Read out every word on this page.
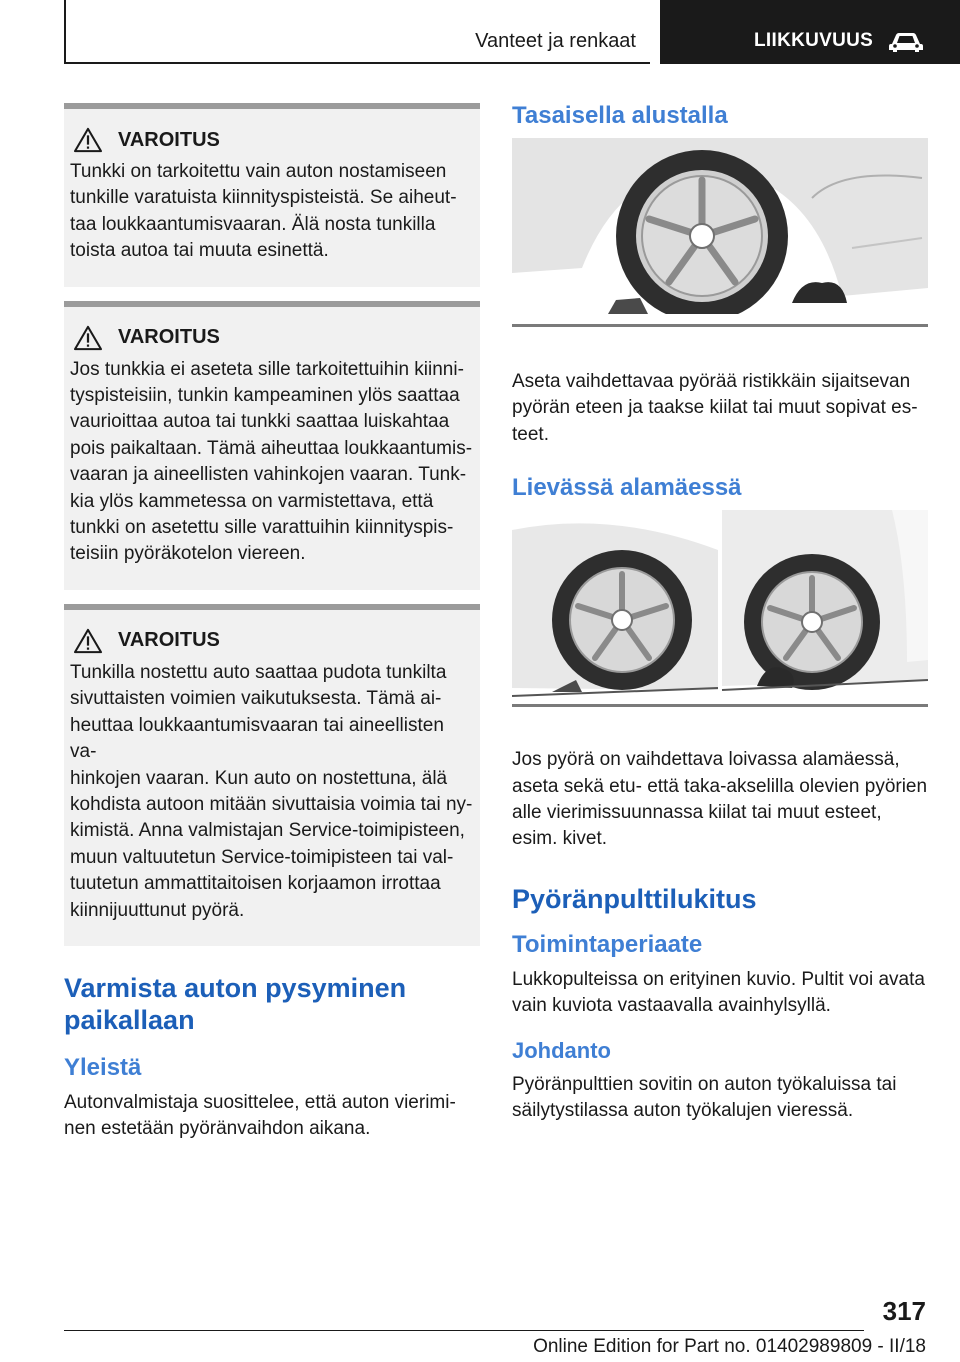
Vanteet ja renkaat	LIIKKUVUUS
VAROITUS
Tunkki on tarkoitettu vain auton nostamiseen
tunkille varatuista kiinnityspisteistä. Se aiheut-
taa loukkaantumisvaaran. Älä nosta tunkilla
toista autoa tai muuta esinettä.
VAROITUS
Jos tunkkia ei aseteta sille tarkoitettuihin kiinni-
tyspisteisiin, tunkin kampeaminen ylös saattaa
vaurioittaa autoa tai tunkki saattaa luiskahtaa
pois paikaltaan. Tämä aiheuttaa loukkaantumis-
vaaran ja aineellisten vahinkojen vaaran. Tunk-
kia ylös kammetessa on varmistettava, että
tunkki on asetettu sille varattuihin kiinnityspis-
teisiin pyöräkotelon viereen.
VAROITUS
Tunkilla nostettu auto saattaa pudota tunkilta
sivuttaisten voimien vaikutuksesta. Tämä ai-
heuttaa loukkaantumisvaaran tai aineellisten va-
hinkojen vaaran. Kun auto on nostettuna, älä
kohdista autoon mitään sivuttaisia voimia tai ny-
kimistä. Anna valmistajan Service-toimipisteen,
muun valtuutetun Service-toimipisteen tai val-
tuutetun ammattitaitoisen korjaamon irrottaa
kiinnijuuttunut pyörä.
Varmista auton pysyminen
paikallaan
Yleistä

Autonvalmistaja suosittelee, että auton vierimi-
nen estetään pyöränvaihdon aikana.

Tasaisella alustalla

Aseta vaihdettavaa pyörää ristikkäin sijaitsevan
pyörän eteen ja taakse kiilat tai muut sopivat es-
teet.

Lievässä alamäessä

Jos pyörä on vaihdettava loivassa alamäessä,
aseta sekä etu- että taka-akselilla olevien pyörien
alle vierimissuunnassa kiilat tai muut esteet,
esim. kivet.

Pyöränpulttilukitus
Toimintaperiaate

Lukkopulteissa on erityinen kuvio. Pultit voi avata
vain kuviota vastaavalla avainhylsyllä.

Johdanto

Pyöränpulttien sovitin on auton työkaluissa tai
säilytystilassa auton työkalujen vieressä.

317
Online Edition for Part no. 01402989809 - II/18
